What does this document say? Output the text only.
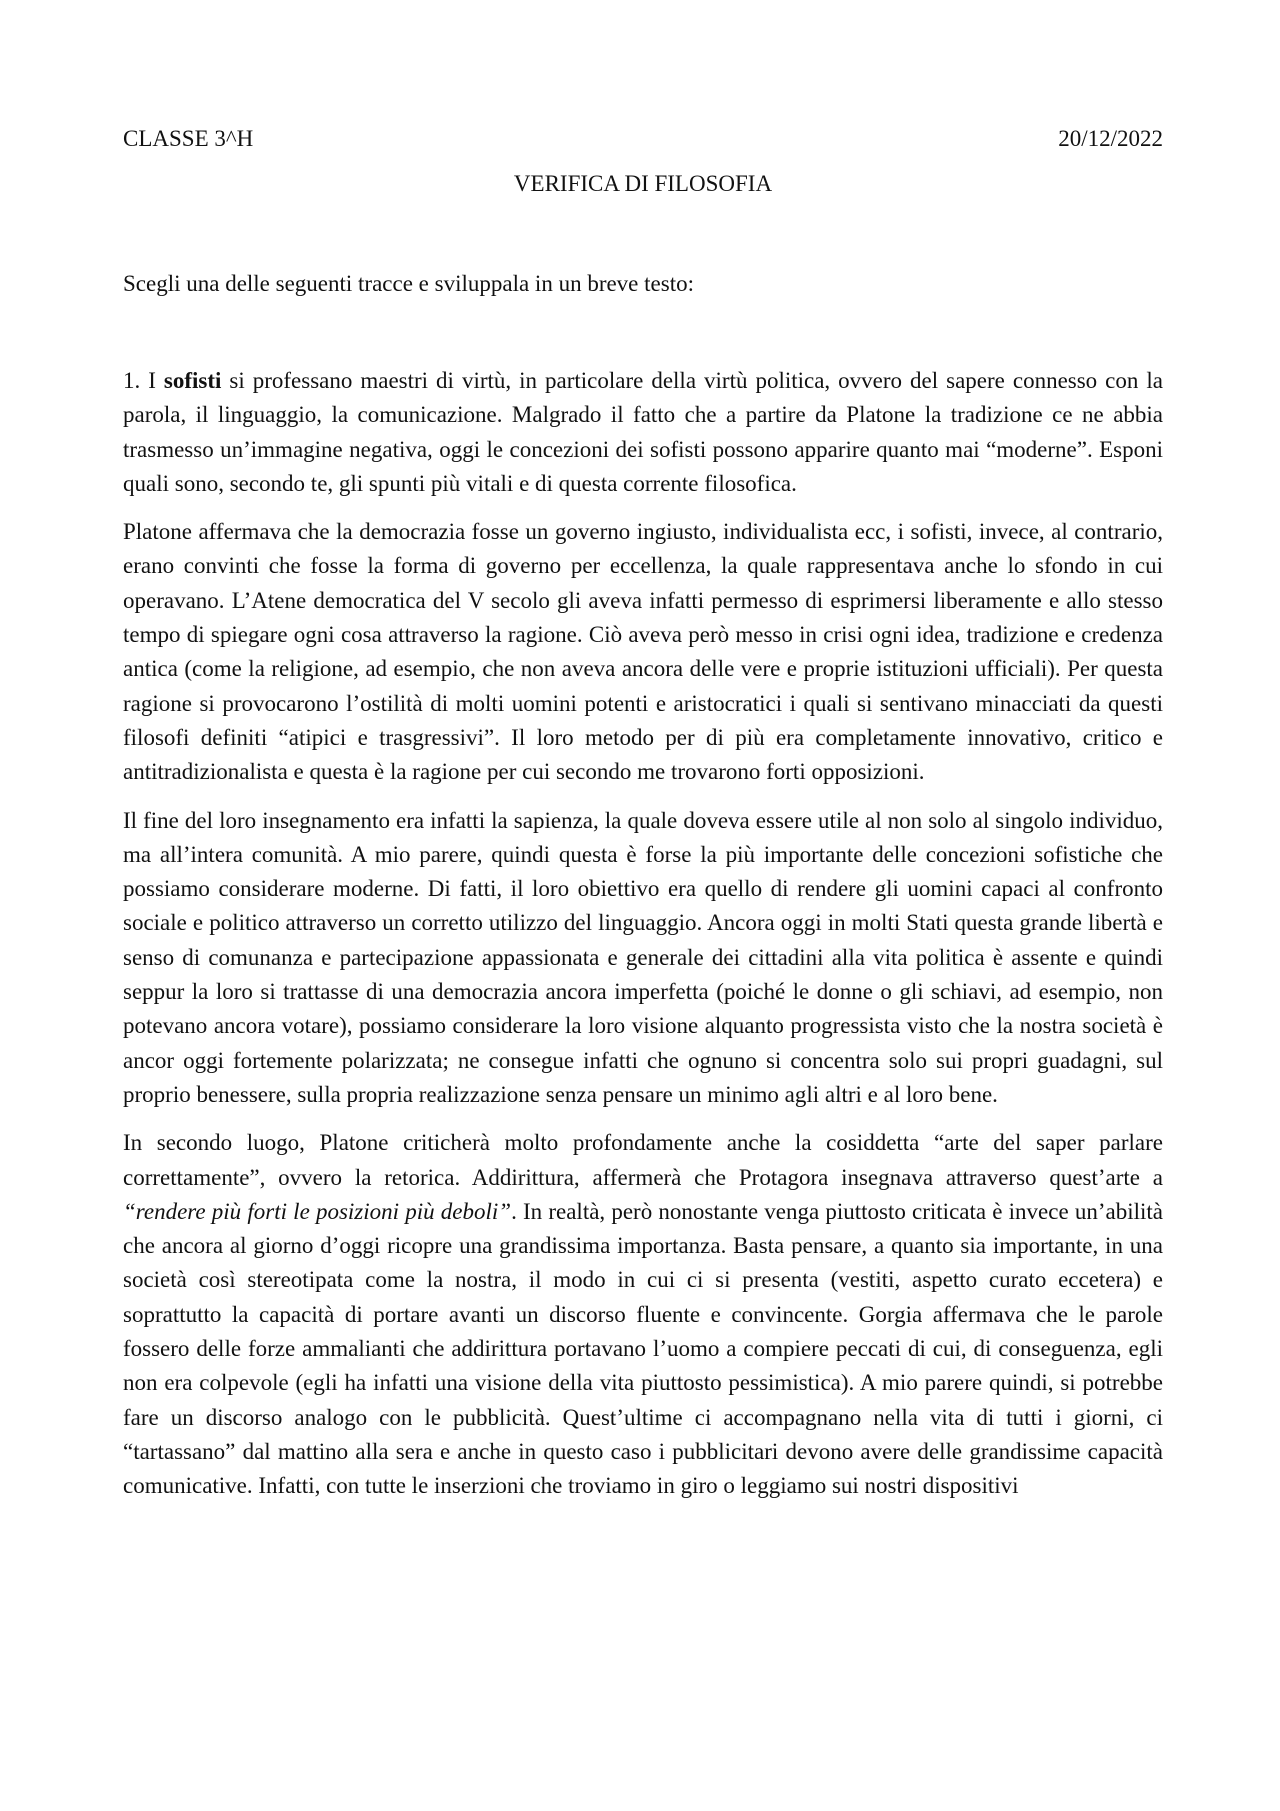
CLASSE 3^H	20/12/2022
VERIFICA DI FILOSOFIA
Scegli una delle seguenti tracce e sviluppala in un breve testo:

1. I sofisti si professano maestri di virtù, in particolare della virtù politica, ovvero del sapere connesso con la parola, il linguaggio, la comunicazione. Malgrado il fatto che a partire da Platone la tradizione ce ne abbia trasmesso un’immagine negativa, oggi le concezioni dei sofisti possono apparire quanto mai “moderne”. Esponi quali sono, secondo te, gli spunti più vitali e di questa corrente filosofica.

Platone affermava che la democrazia fosse un governo ingiusto, individualista ecc, i sofisti, invece, al contrario, erano convinti che fosse la forma di governo per eccellenza, la quale rappresentava anche lo sfondo in cui operavano. L’Atene democratica del V secolo gli aveva infatti permesso di esprimersi liberamente e allo stesso tempo di spiegare ogni cosa attraverso la ragione. Ciò aveva però messo in crisi ogni idea, tradizione e credenza antica (come la religione, ad esempio, che non aveva ancora delle vere e proprie istituzioni ufficiali). Per questa ragione si provocarono l’ostilità di molti uomini potenti e aristocratici i quali si sentivano minacciati da questi filosofi definiti “atipici e trasgressivi”. Il loro metodo per di più era completamente innovativo, critico e antitradizionalista e questa è la ragione per cui secondo me trovarono forti opposizioni.

Il fine del loro insegnamento era infatti la sapienza, la quale doveva essere utile al non solo al singolo individuo, ma all’intera comunità. A mio parere, quindi questa è forse la più importante delle concezioni sofistiche che possiamo considerare moderne. Di fatti, il loro obiettivo era quello di rendere gli uomini capaci al confronto sociale e politico attraverso un corretto utilizzo del linguaggio. Ancora oggi in molti Stati questa grande libertà e senso di comunanza e partecipazione appassionata e generale dei cittadini alla vita politica è assente e quindi seppur la loro si trattasse di una democrazia ancora imperfetta (poiché le donne o gli schiavi, ad esempio, non potevano ancora votare), possiamo considerare la loro visione alquanto progressista visto che la nostra società è ancor oggi fortemente polarizzata; ne consegue infatti che ognuno si concentra solo sui propri guadagni, sul proprio benessere, sulla propria realizzazione senza pensare un minimo agli altri e al loro bene.

In secondo luogo, Platone criticherà molto profondamente anche la cosiddetta “arte del saper parlare correttamente”, ovvero la retorica. Addirittura, affermerà che Protagora insegnava attraverso quest’arte a “rendere più forti le posizioni più deboli”. In realtà, però nonostante venga piuttosto criticata è invece un’abilità che ancora al giorno d’oggi ricopre una grandissima importanza. Basta pensare, a quanto sia importante, in una società così stereotipata come la nostra, il modo in cui ci si presenta (vestiti, aspetto curato eccetera) e soprattutto la capacità di portare avanti un discorso fluente e convincente. Gorgia affermava che le parole fossero delle forze ammalianti che addirittura portavano l’uomo a compiere peccati di cui, di conseguenza, egli non era colpevole (egli ha infatti una visione della vita piuttosto pessimistica). A mio parere quindi, si potrebbe fare un discorso analogo con le pubblicità. Quest’ultime ci accompagnano nella vita di tutti i giorni, ci “tartassano” dal mattino alla sera e anche in questo caso i pubblicitari devono avere delle grandissime capacità comunicative. Infatti, con tutte le inserzioni che troviamo in giro o leggiamo sui nostri dispositivi
